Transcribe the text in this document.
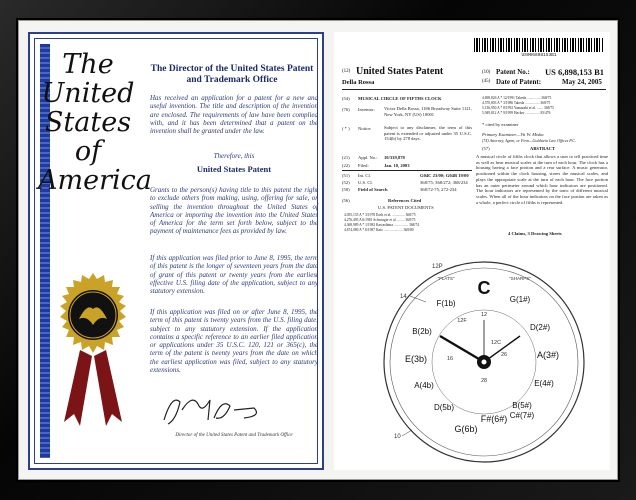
The
United
States
of
America
The Director of the United States Patent and Trademark Office
Has received an application for a patent for a new and useful invention. The title and description of the invention are enclosed. The requirements of law have been complied with, and it has been determined that a patent on the invention shall be granted under the law.
Therefore, this
United States Patent
Grants to the person(s) having title to this patent the right to exclude others from making, using, offering for sale, or selling the invention throughout the United States of America or importing the invention into the United States of America for the term set forth below, subject to the payment of maintenance fees as provided by law.
If this application was filed prior to June 8, 1995, the term of this patent is the longer of seventeen years from the date of grant of this patent or twenty years from the earliest effective U.S. filing date of the application, subject to any statutory extension.
If this application was filed on or after June 8, 1995, the term of this patent is twenty years from the U.S. filing date, subject to any statutory extension. If the application contains a specific reference to an earlier filed application or applications under 35 U.S.C. 120, 121 or 365(c), the term of the patent is twenty years from the date on which the earliest application was filed, subject to any statutory extensions.
Director of the United States Patent and Trademark Office
US006898153B1
(12) United States Patent
Della Rossa
(10) Patent No.: US 6,898,153 B1
(45) Date of Patent:	May 24, 2005
(54) MUSICAL CIRCLE OF FIFTHS CLOCK
(76) Inventor: Victor Della Rossa, 1186 Broadway Suite 1121, New York, NY (US) 10001
( * ) Notice:	Subject to any disclaimer, the term of this patent is extended or adjusted under 35 U.S.C. 154(b) by 278 days.
(21) Appl. No.: 10/339,878
(22) Filed:	Jan. 10, 2003
(51) Int. Cl.	G04C 23/00; G04B 19/00
(52) U.S. Cl.	368/75; 368/272; 368/234
(58) Field of Search	368/72-75, 272-234
(56)	References Cited
U.S. PATENT DOCUMENTS
4,055,135 A * 3/1978 Earls et al. .............. 368/75
4,276,495 A 6/1981 Schwinger et al. ........ 368/75
4,368,989 A * 1/1983 Kawashima ................ 368/74
4,674,080 A * 6/1987 Kato ..................... 368/80
4,698,826 A * 12/1991 Takeda ............... 368/75
4,570,803 A * 3/1986 Takeda ................ 368/75
5,136,950 A * 8/1992 Yamazaki et al. ....... 368/75
5,949,812 A * 9/1999 Hacker ................ 83/476
* cited by examiner
Primary Examiner—Vit W. Miska
(74) Attorney, Agent, or Firm—Goldstein Law Offices P.C.
(57)	ABSTRACT
A musical circle of fifths clock that allows a user to tell practiced time as well as hear musical scales at the turn of each hour. The clock has a housing having a face portion and a rear surface. A music generator, positioned within the clock housing, stores the musical scales, and plays the appropriate scale at the turn of each hour. The face portion has an outer perimeter around which hour indicators are positioned. The hour indicators are represented by the tonic of different musical scales. When all of the hour indicators on the face portion are taken as a whole, a perfect circle of fifths is represented.
4 Claims, 3 Drawing Sheets
C
G(1#)
D(2#)
A(3#)
E(4#)
B(5#)
F#(6#) C#(7#)
F(1b)
B(2b)
E(3b)
A(4b)
D(5b)
G(6b)
"FLATS"	"SHARPS"
12
12F
12C
28
26
16
12P
14
10
